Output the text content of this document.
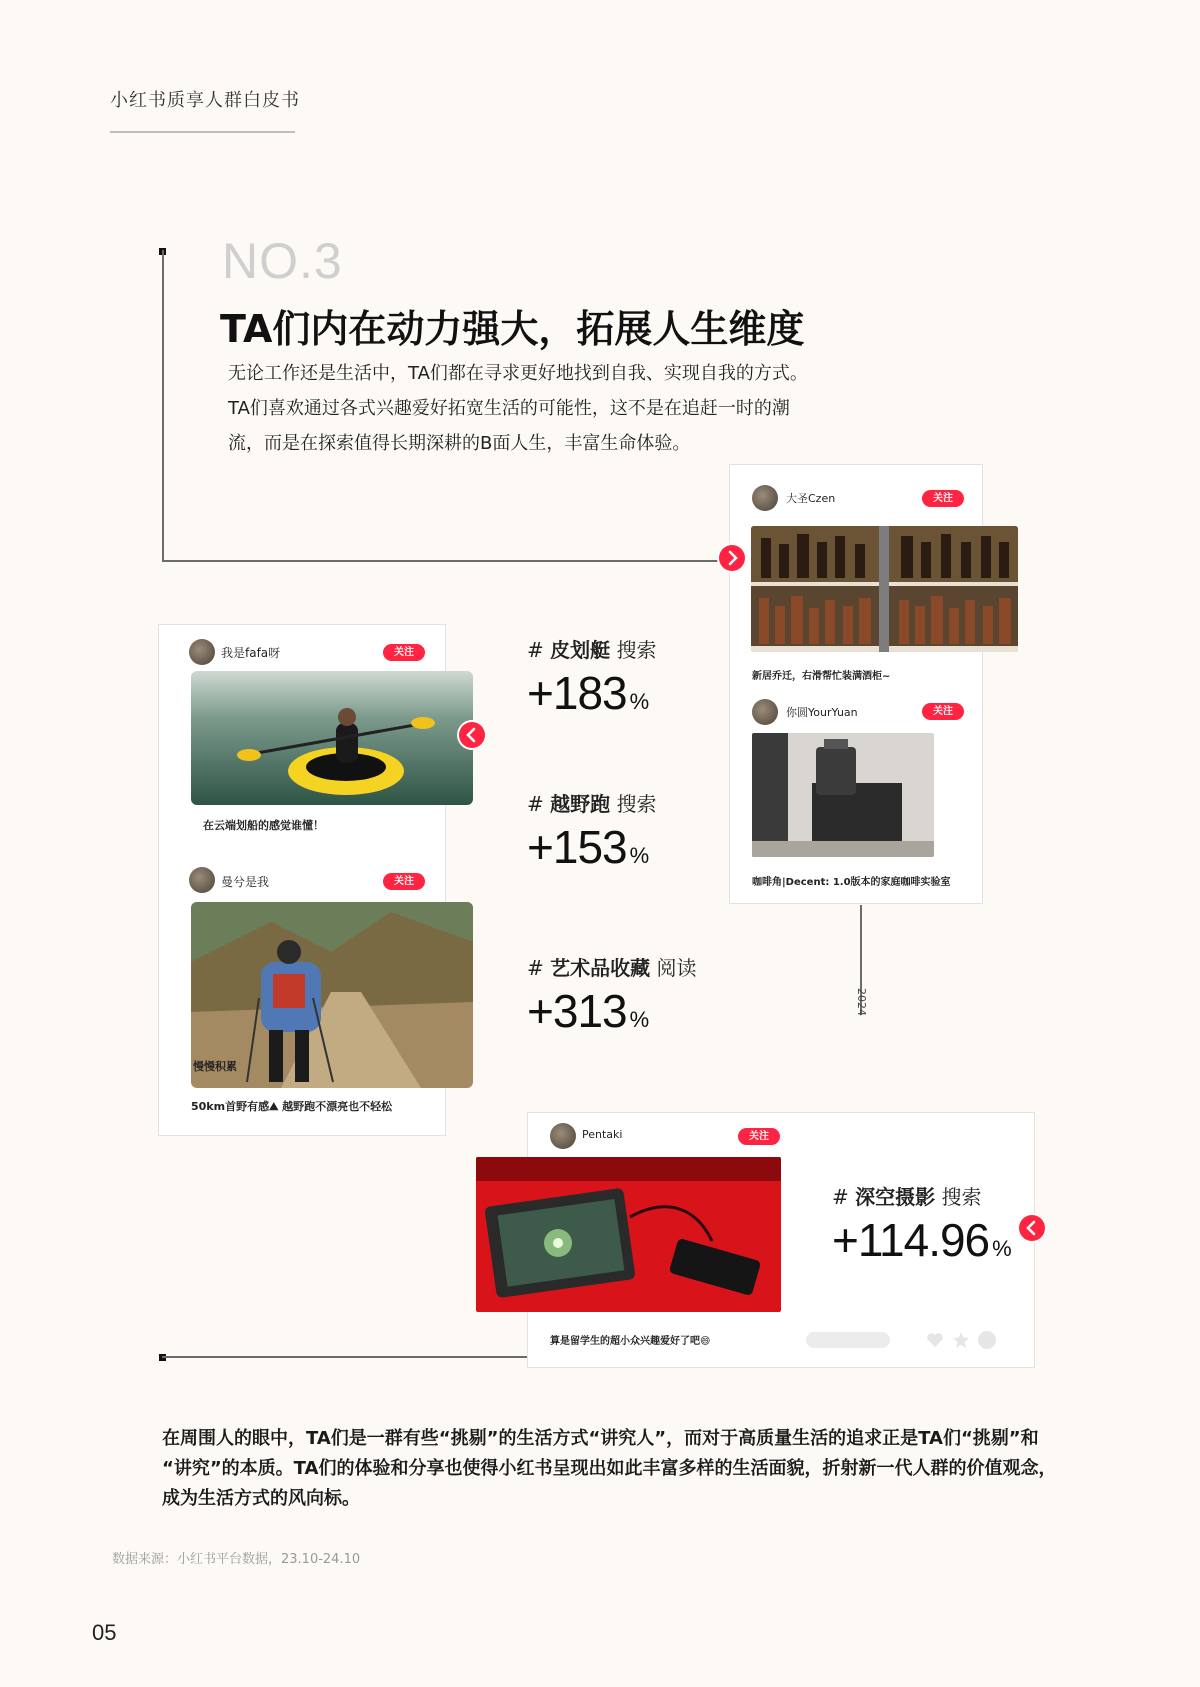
小红书质享人群白皮书
NO.3
TA们内在动力强大，拓展人生维度
无论工作还是生活中，TA们都在寻求更好地找到自我、实现自我的方式。
TA们喜欢通过各式兴趣爱好拓宽生活的可能性，这不是在追赶一时的潮
流，而是在探索值得长期深耕的B面人生，丰富生命体验。
2024
我是fafa呀	关注
在云端划船的感觉谁懂！
曼兮是我	关注
慢慢积累
50km首野有感⛰ 越野跑不漂亮也不轻松
大圣Czen	关注
新居乔迁，右滑帮忙装满酒柜~
你圆YourYuan	关注
咖啡角|Decent: 1.0版本的家庭咖啡实验室
# 皮划艇 搜索
+183 %
# 越野跑 搜索
+153 %
# 艺术品收藏 阅读
+313 %
Pentaki	关注
算是留学生的超小众兴趣爱好了吧😄
# 深空摄影 搜索
+114.96 %
在周围人的眼中，TA们是一群有些“挑剔”的生活方式“讲究人”，而对于高质量生活的追求正是TA们“挑剔”和
“讲究”的本质。TA们的体验和分享也使得小红书呈现出如此丰富多样的生活面貌，折射新一代人群的价值观念，
成为生活方式的风向标。
数据来源：小红书平台数据，23.10-24.10
05
